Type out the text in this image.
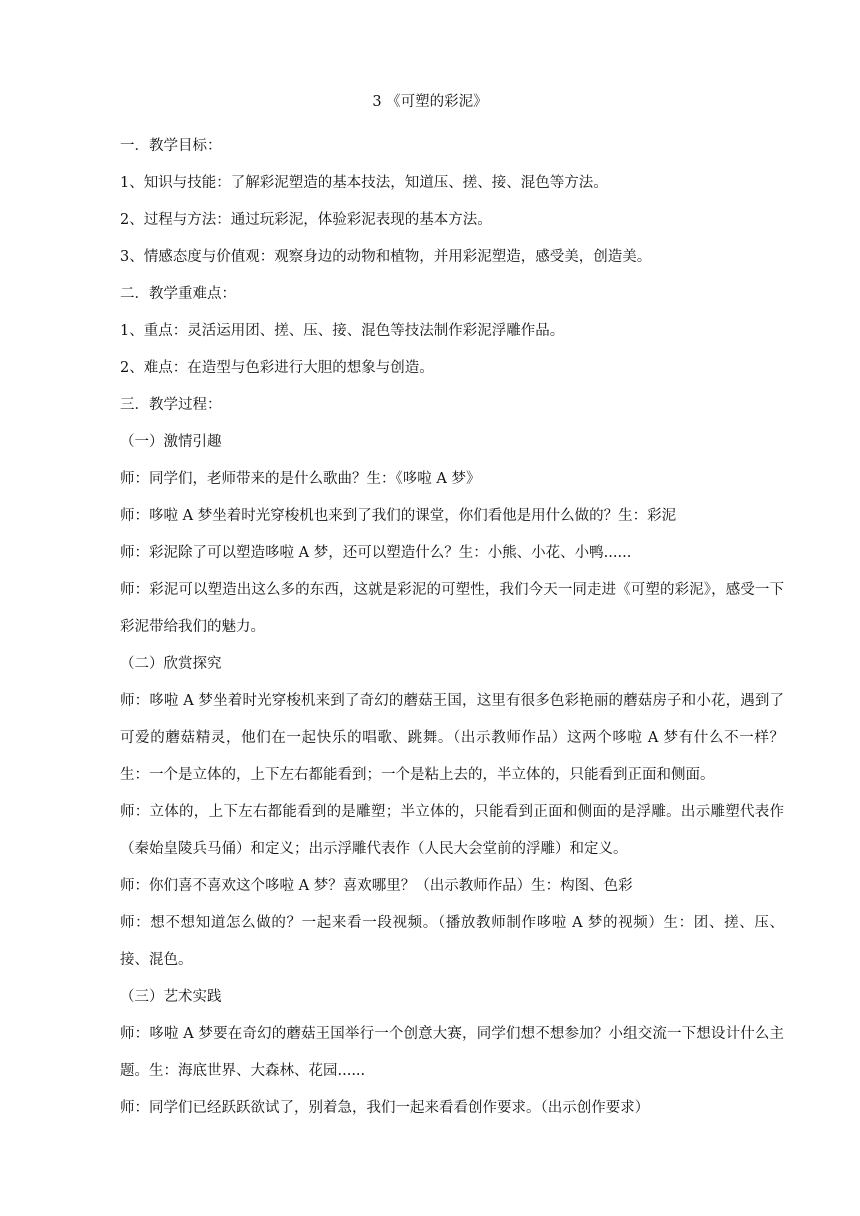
3 《可塑的彩泥》
一．教学目标：
1、知识与技能：了解彩泥塑造的基本技法，知道压、搓、接、混色等方法。
2、过程与方法：通过玩彩泥，体验彩泥表现的基本方法。
3、情感态度与价值观：观察身边的动物和植物，并用彩泥塑造，感受美，创造美。
二．教学重难点：
1、重点：灵活运用团、搓、压、接、混色等技法制作彩泥浮雕作品。
2、难点：在造型与色彩进行大胆的想象与创造。
三．教学过程：
（一）激情引趣
师：同学们，老师带来的是什么歌曲？生：《哆啦 A 梦》
师：哆啦 A 梦坐着时光穿梭机也来到了我们的课堂，你们看他是用什么做的？生：彩泥
师：彩泥除了可以塑造哆啦 A 梦，还可以塑造什么？生：小熊、小花、小鸭......
师：彩泥可以塑造出这么多的东西，这就是彩泥的可塑性，我们今天一同走进《可塑的彩泥》，感受一下彩泥带给我们的魅力。
（二）欣赏探究
师：哆啦 A 梦坐着时光穿梭机来到了奇幻的蘑菇王国，这里有很多色彩艳丽的蘑菇房子和小花，遇到了可爱的蘑菇精灵，他们在一起快乐的唱歌、跳舞。（出示教师作品）这两个哆啦 A 梦有什么不一样？生：一个是立体的，上下左右都能看到；一个是粘上去的，半立体的，只能看到正面和侧面。
师：立体的，上下左右都能看到的是雕塑；半立体的，只能看到正面和侧面的是浮雕。出示雕塑代表作（秦始皇陵兵马俑）和定义；出示浮雕代表作（人民大会堂前的浮雕）和定义。
师：你们喜不喜欢这个哆啦 A 梦？喜欢哪里？（出示教师作品）生：构图、色彩
师：想不想知道怎么做的？一起来看一段视频。（播放教师制作哆啦 A 梦的视频）生：团、搓、压、接、混色。
（三）艺术实践
师：哆啦 A 梦要在奇幻的蘑菇王国举行一个创意大赛，同学们想不想参加？小组交流一下想设计什么主题。生：海底世界、大森林、花园......
师：同学们已经跃跃欲试了，别着急，我们一起来看看创作要求。（出示创作要求）
